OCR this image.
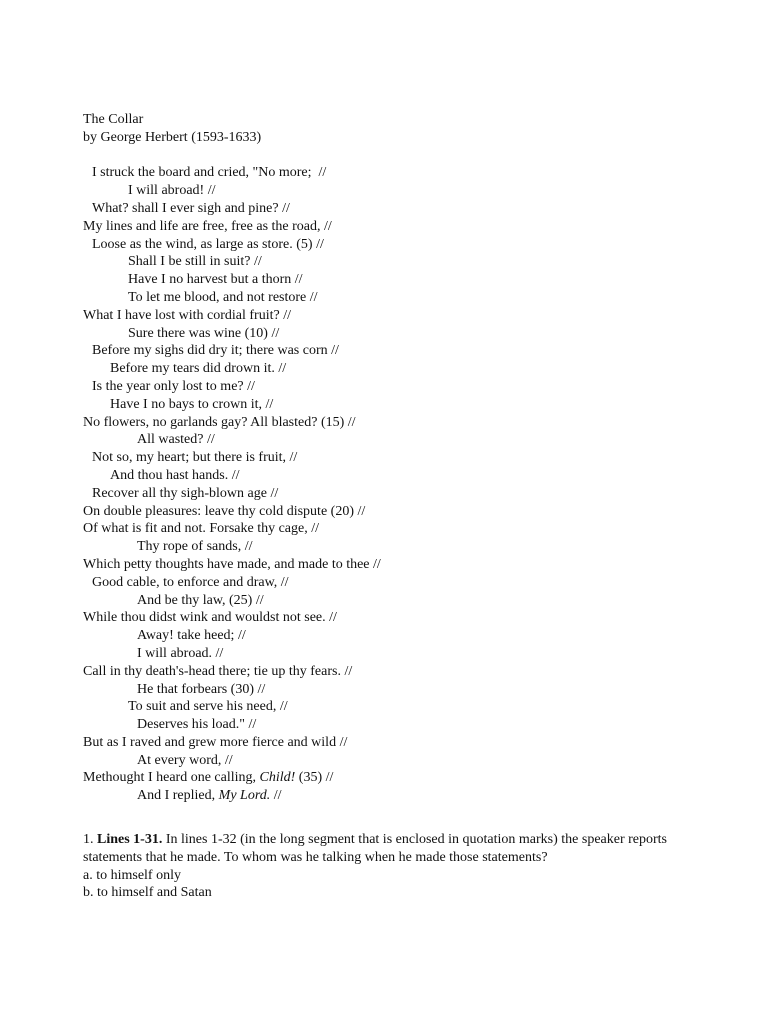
The Collar
by George Herbert (1593-1633)
I struck the board and cried, "No more;  //
I will abroad! //
What? shall I ever sigh and pine? //
My lines and life are free, free as the road, //
Loose as the wind, as large as store. (5) //
Shall I be still in suit? //
Have I no harvest but a thorn //
To let me blood, and not restore //
What I have lost with cordial fruit? //
Sure there was wine (10) //
Before my sighs did dry it; there was corn //
Before my tears did drown it. //
Is the year only lost to me? //
Have I no bays to crown it, //
No flowers, no garlands gay? All blasted? (15) //
All wasted? //
Not so, my heart; but there is fruit, //
And thou hast hands. //
Recover all thy sigh-blown age //
On double pleasures: leave thy cold dispute (20) //
Of what is fit and not. Forsake thy cage, //
Thy rope of sands, //
Which petty thoughts have made, and made to thee //
Good cable, to enforce and draw, //
And be thy law, (25) //
While thou didst wink and wouldst not see. //
Away! take heed; //
I will abroad. //
Call in thy death's-head there; tie up thy fears. //
He that forbears (30) //
To suit and serve his need, //
Deserves his load." //
But as I raved and grew more fierce and wild //
At every word, //
Methought I heard one calling, Child! (35) //
And I replied, My Lord. //
1. Lines 1-31. In lines 1-32 (in the long segment that is enclosed in quotation marks) the speaker reports statements that he made. To whom was he talking when he made those statements?
a. to himself only
b. to himself and Satan
